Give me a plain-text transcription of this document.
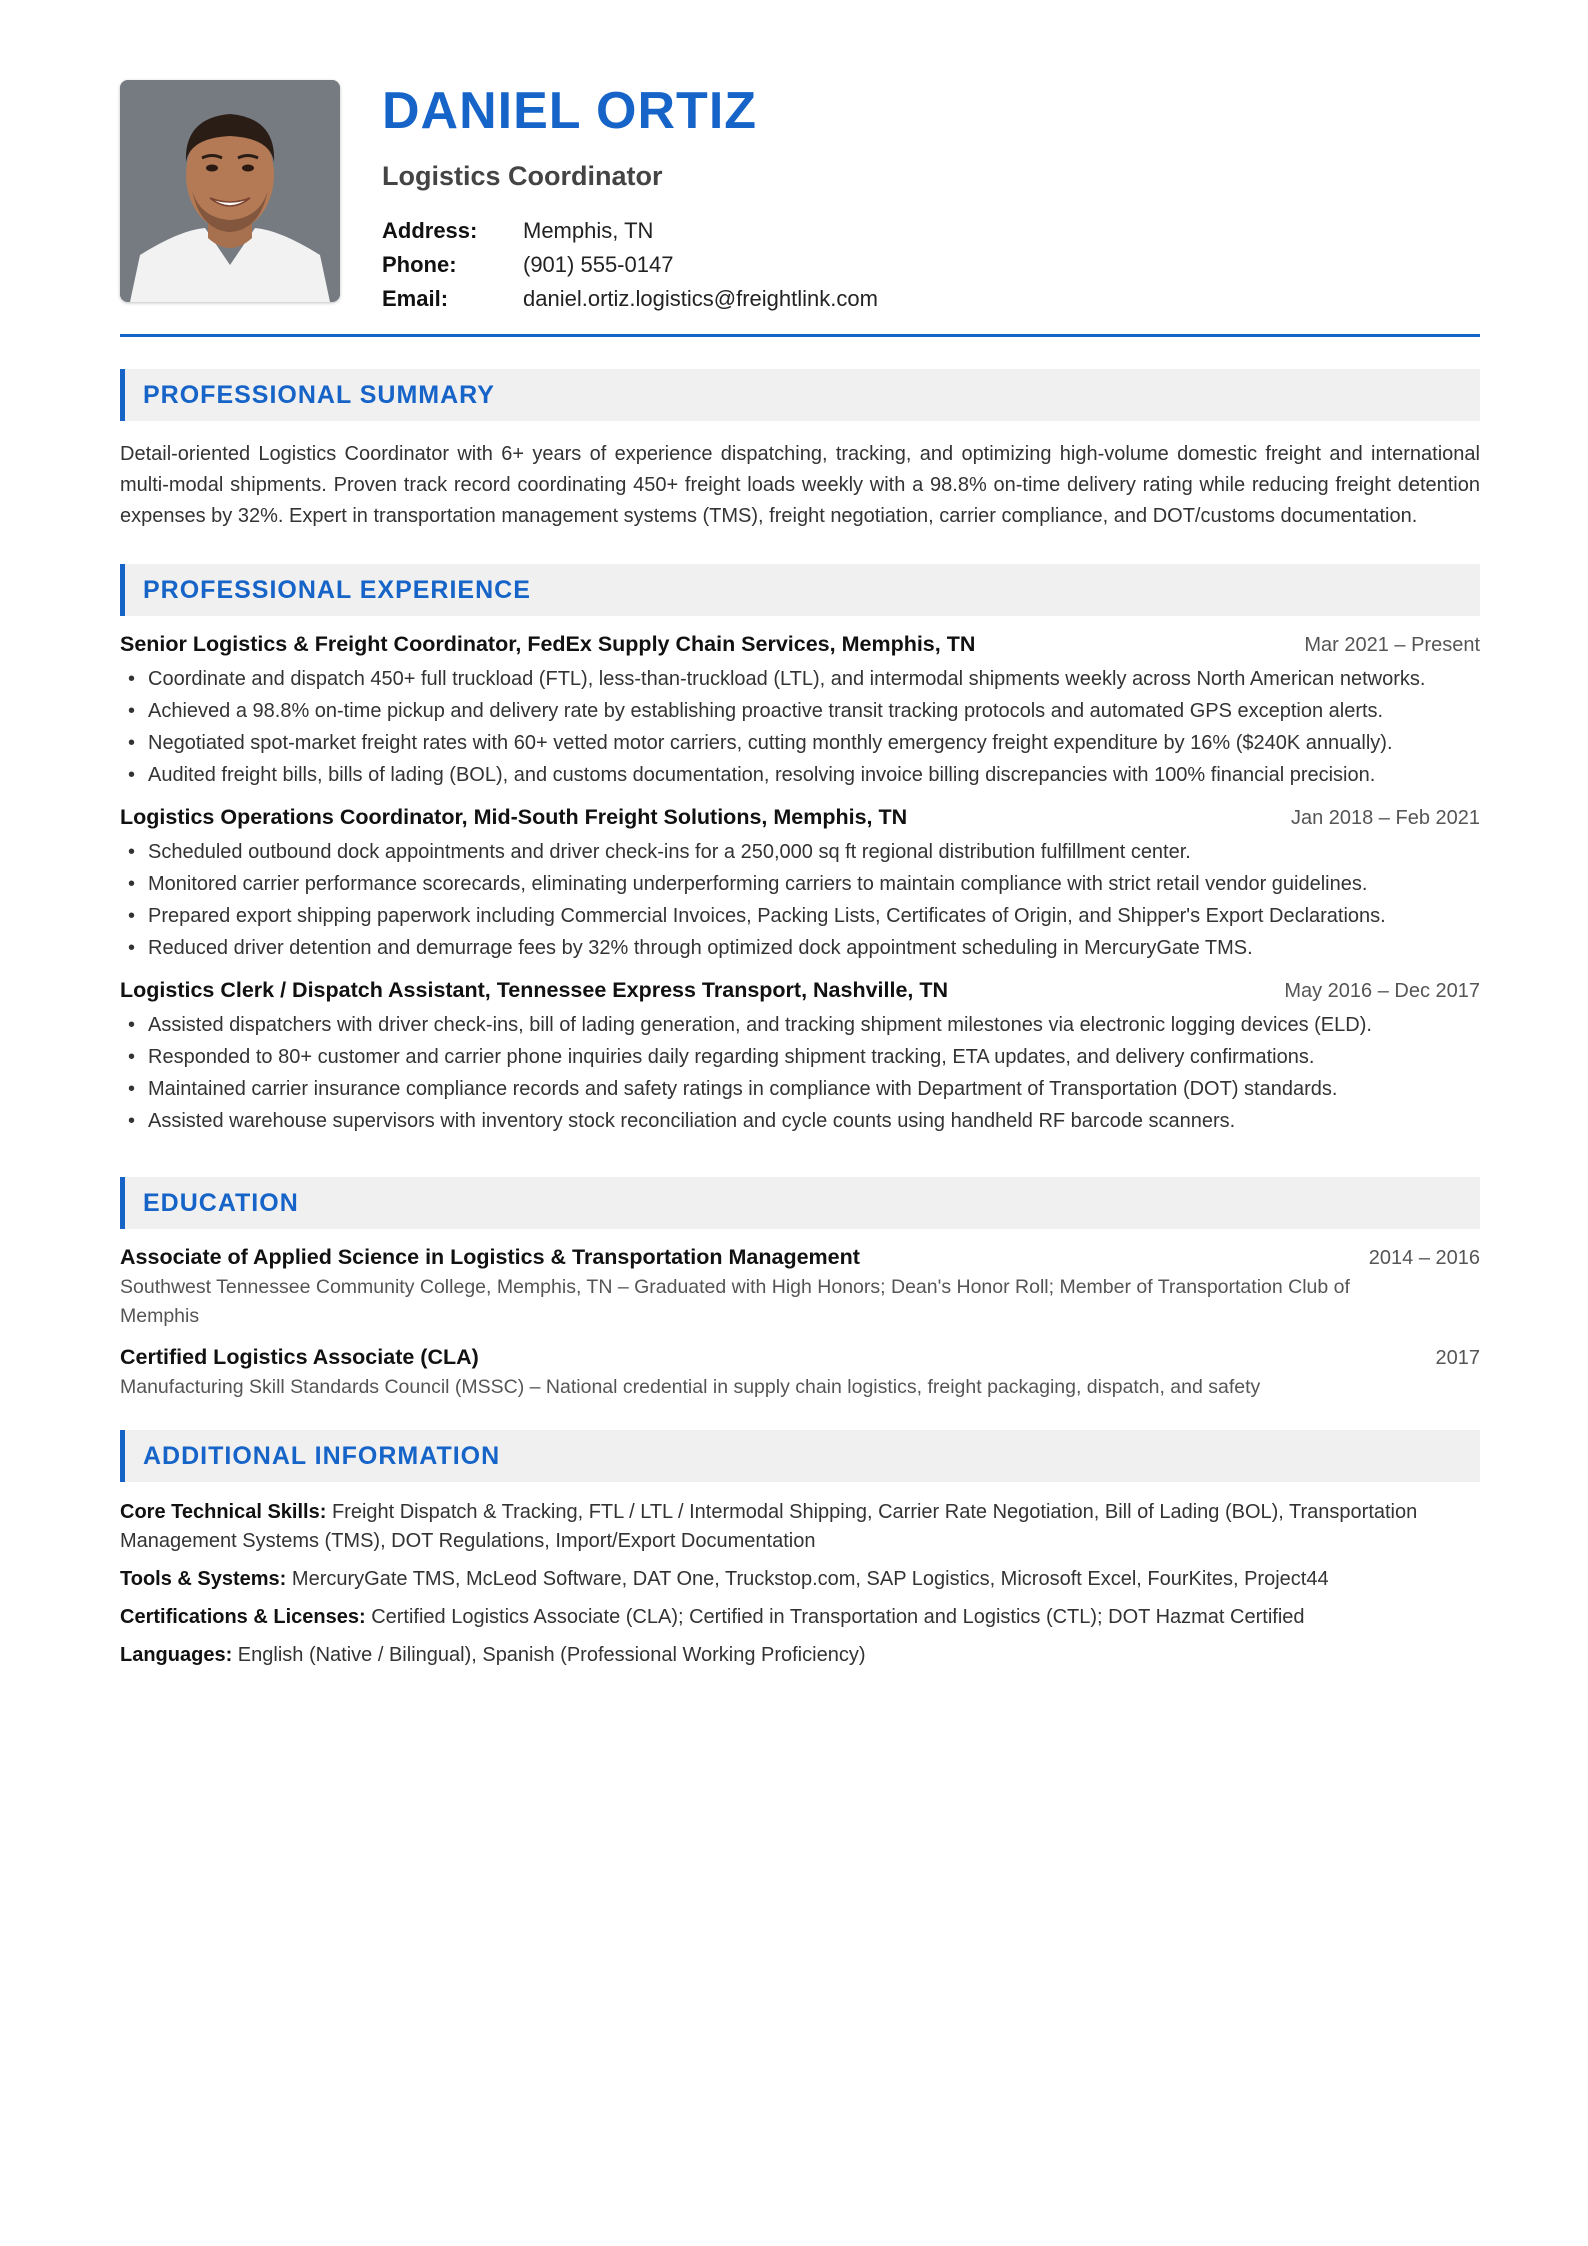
DANIEL ORTIZ
Logistics Coordinator
Address:	Memphis, TN
Phone:	(901) 555-0147
Email:	daniel.ortiz.logistics@freightlink.com
PROFESSIONAL SUMMARY

Detail-oriented Logistics Coordinator with 6+ years of experience dispatching, tracking, and optimizing high-volume domestic freight and international multi-modal shipments. Proven track record coordinating 450+ freight loads weekly with a 98.8% on-time delivery rating while reducing freight detention expenses by 32%. Expert in transportation management systems (TMS), freight negotiation, carrier compliance, and DOT/customs documentation.

PROFESSIONAL EXPERIENCE
Senior Logistics & Freight Coordinator, FedEx Supply Chain Services, Memphis, TN	Mar 2021 – Present
• Coordinate and dispatch 450+ full truckload (FTL), less-than-truckload (LTL), and intermodal shipments weekly across North American networks.
• Achieved a 98.8% on-time pickup and delivery rate by establishing proactive transit tracking protocols and automated GPS exception alerts.
• Negotiated spot-market freight rates with 60+ vetted motor carriers, cutting monthly emergency freight expenditure by 16% ($240K annually).
• Audited freight bills, bills of lading (BOL), and customs documentation, resolving invoice billing discrepancies with 100% financial precision.
Logistics Operations Coordinator, Mid-South Freight Solutions, Memphis, TN	Jan 2018 – Feb 2021
• Scheduled outbound dock appointments and driver check-ins for a 250,000 sq ft regional distribution fulfillment center.
• Monitored carrier performance scorecards, eliminating underperforming carriers to maintain compliance with strict retail vendor guidelines.
• Prepared export shipping paperwork including Commercial Invoices, Packing Lists, Certificates of Origin, and Shipper's Export Declarations.
• Reduced driver detention and demurrage fees by 32% through optimized dock appointment scheduling in MercuryGate TMS.
Logistics Clerk / Dispatch Assistant, Tennessee Express Transport, Nashville, TN	May 2016 – Dec 2017
• Assisted dispatchers with driver check-ins, bill of lading generation, and tracking shipment milestones via electronic logging devices (ELD).
• Responded to 80+ customer and carrier phone inquiries daily regarding shipment tracking, ETA updates, and delivery confirmations.
• Maintained carrier insurance compliance records and safety ratings in compliance with Department of Transportation (DOT) standards.
• Assisted warehouse supervisors with inventory stock reconciliation and cycle counts using handheld RF barcode scanners.
EDUCATION
Associate of Applied Science in Logistics & Transportation Management	2014 – 2016
Southwest Tennessee Community College, Memphis, TN – Graduated with High Honors; Dean's Honor Roll; Member of Transportation Club of Memphis
Certified Logistics Associate (CLA)	2017
Manufacturing Skill Standards Council (MSSC) – National credential in supply chain logistics, freight packaging, dispatch, and safety
ADDITIONAL INFORMATION
Core Technical Skills: Freight Dispatch & Tracking, FTL / LTL / Intermodal Shipping, Carrier Rate Negotiation, Bill of Lading (BOL), Transportation Management Systems (TMS), DOT Regulations, Import/Export Documentation
Tools & Systems: MercuryGate TMS, McLeod Software, DAT One, Truckstop.com, SAP Logistics, Microsoft Excel, FourKites, Project44
Certifications & Licenses: Certified Logistics Associate (CLA); Certified in Transportation and Logistics (CTL); DOT Hazmat Certified
Languages: English (Native / Bilingual), Spanish (Professional Working Proficiency)
